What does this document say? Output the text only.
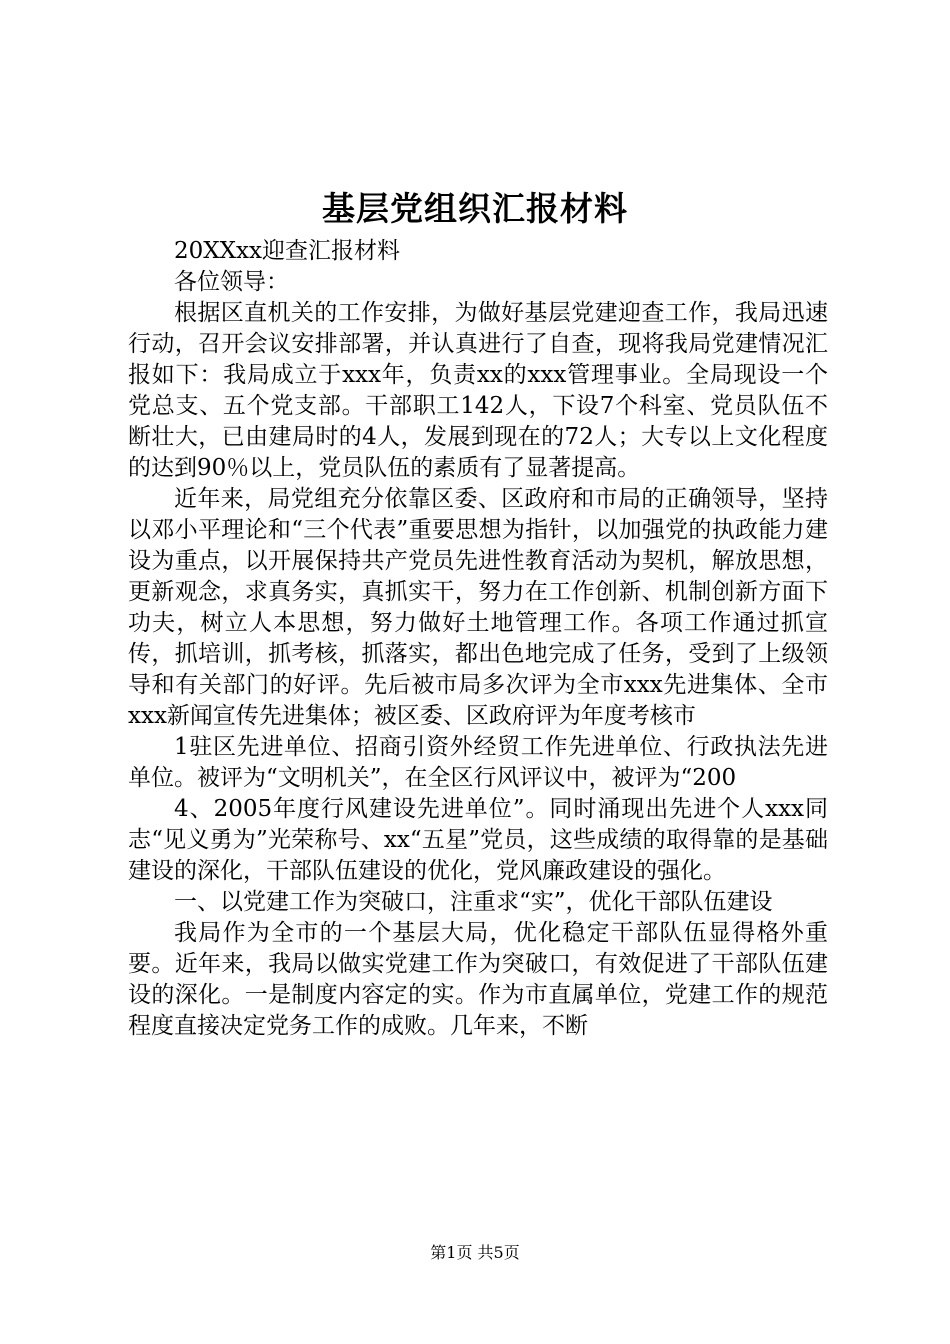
基层党组织汇报材料

20XXxx迎查汇报材料

各位领导：

根据区直机关的工作安排，为做好基层党建迎查工作，我局迅速行动，召开会议安排部署，并认真进行了自查，现将我局党建情况汇报如下：我局成立于xxx年，负责xx的xxx管理事业。全局现设一个党总支、五个党支部。干部职工142人，下设7个科室、党员队伍不断壮大，已由建局时的4人，发展到现在的72人；大专以上文化程度的达到90％以上，党员队伍的素质有了显著提高。

近年来，局党组充分依靠区委、区政府和市局的正确领导，坚持以邓小平理论和“三个代表”重要思想为指针，以加强党的执政能力建设为重点，以开展保持共产党员先进性教育活动为契机，解放思想，更新观念，求真务实，真抓实干，努力在工作创新、机制创新方面下功夫，树立人本思想，努力做好土地管理工作。各项工作通过抓宣传，抓培训，抓考核，抓落实，都出色地完成了任务，受到了上级领导和有关部门的好评。先后被市局多次评为全市xxx先进集体、全市xxx新闻宣传先进集体；被区委、区政府评为年度考核市

1驻区先进单位、招商引资外经贸工作先进单位、行政执法先进单位。被评为“文明机关”，在全区行风评议中，被评为“200

4、2005年度行风建设先进单位”。同时涌现出先进个人xxx同志“见义勇为”光荣称号、xx“五星”党员，这些成绩的取得靠的是基础建设的深化，干部队伍建设的优化，党风廉政建设的强化。

一、以党建工作为突破口，注重求“实”，优化干部队伍建设

我局作为全市的一个基层大局，优化稳定干部队伍显得格外重要。近年来，我局以做实党建工作为突破口，有效促进了干部队伍建设的深化。一是制度内容定的实。作为市直属单位，党建工作的规范程度直接决定党务工作的成败。几年来，不断

第1页 共5页
